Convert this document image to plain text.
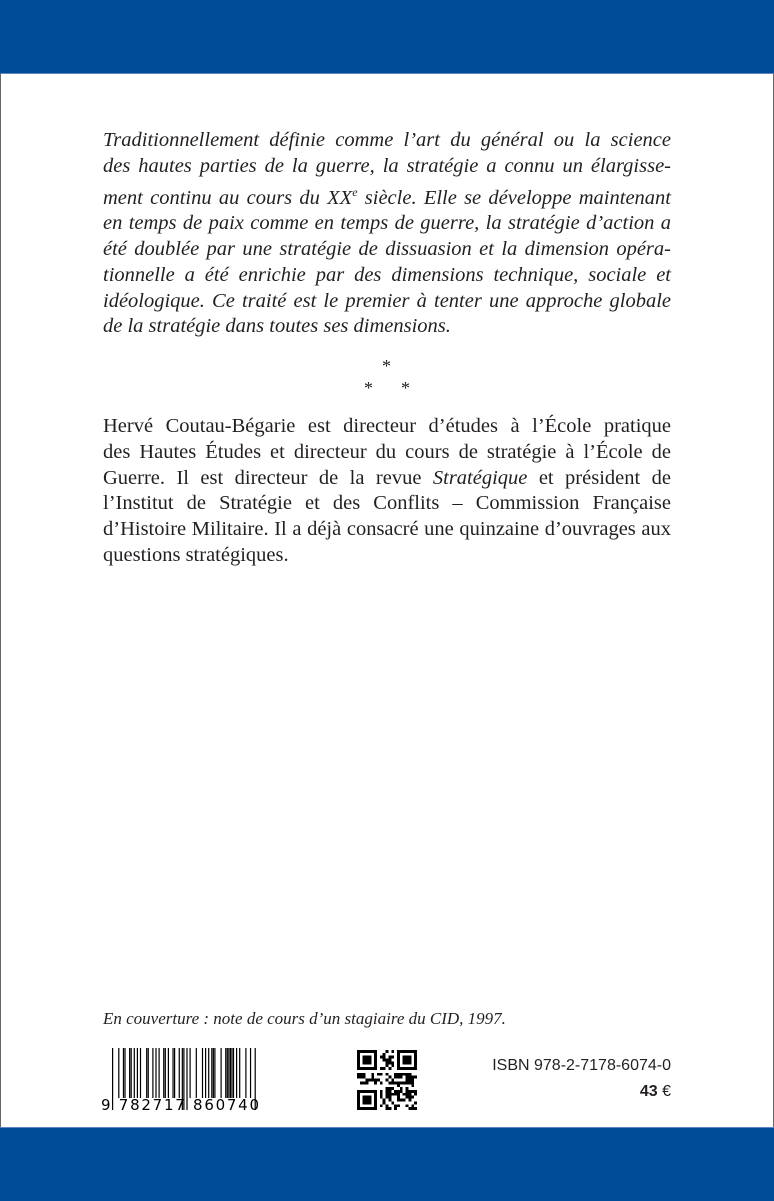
Traditionnellement définie comme l’art du général ou la science
des hautes parties de la guerre, la stratégie a connu un élargisse-
ment continu au cours du XXe siècle. Elle se développe maintenant
en temps de paix comme en temps de guerre, la stratégie d’action a
été doublée par une stratégie de dissuasion et la dimension opéra-
tionnelle a été enrichie par des dimensions technique, sociale et
idéologique. Ce traité est le premier à tenter une approche globale
de la stratégie dans toutes ses dimensions.
*
* *
Hervé Coutau-Bégarie est directeur d’études à l’École pratique
des Hautes Études et directeur du cours de stratégie à l’École de
Guerre. Il est directeur de la revue Stratégique et président de
l’Institut de Stratégie et des Conflits – Commission Française
d’Histoire Militaire. Il a déjà consacré une quinzaine d’ouvrages aux
questions stratégiques.
En couverture : note de cours d’un stagiaire du CID, 1997.
9 782717 860740
ISBN 978-2-7178-6074-0
43 €
